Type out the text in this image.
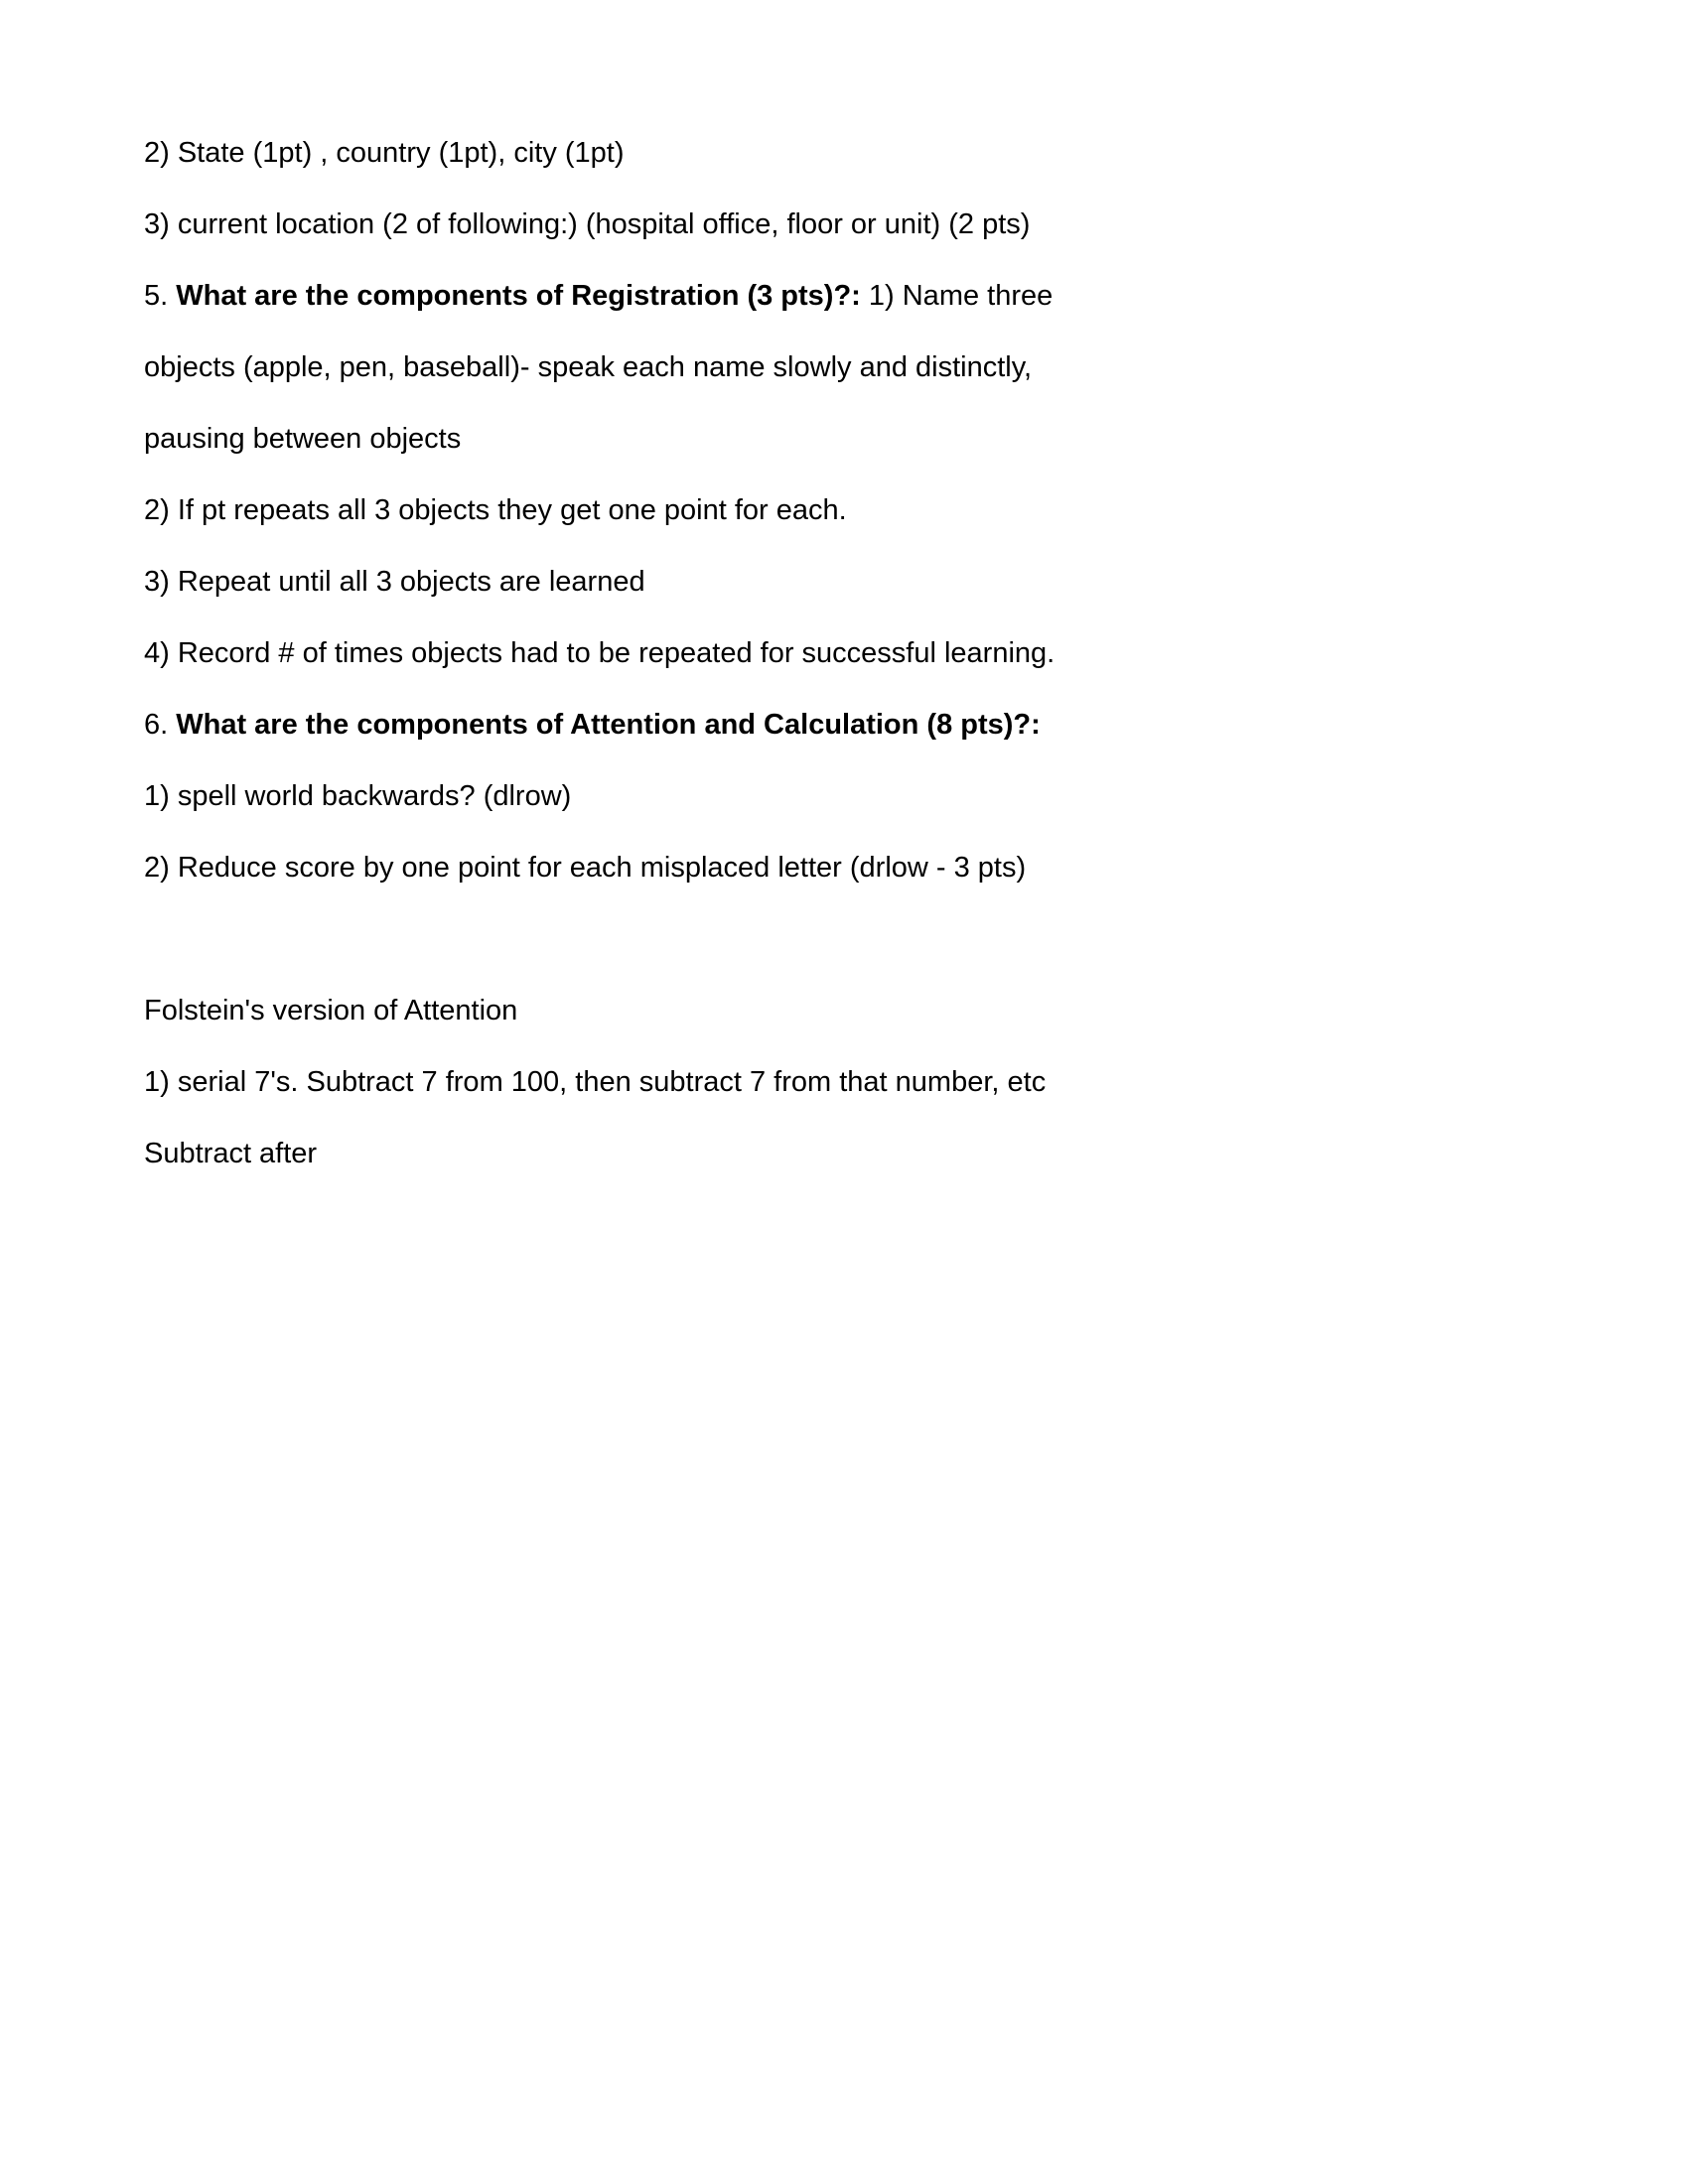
2) State (1pt) , country (1pt), city (1pt)

3) current location (2 of following:) (hospital office, floor or unit) (2 pts)

5. What are the components of Registration (3 pts)?: 1) Name three objects (apple, pen, baseball)- speak each name slowly and distinctly, pausing between objects

2) If pt repeats all 3 objects they get one point for each.

3) Repeat until all 3 objects are learned

4) Record # of times objects had to be repeated for successful learning.

6. What are the components of Attention and Calculation (8 pts)?: 1) spell world backwards? (dlrow)

2) Reduce score by one point for each misplaced letter (drlow - 3 pts)

Folstein's version of Attention

1) serial 7's. Subtract 7 from 100, then subtract 7 from that number, etc Subtract after
